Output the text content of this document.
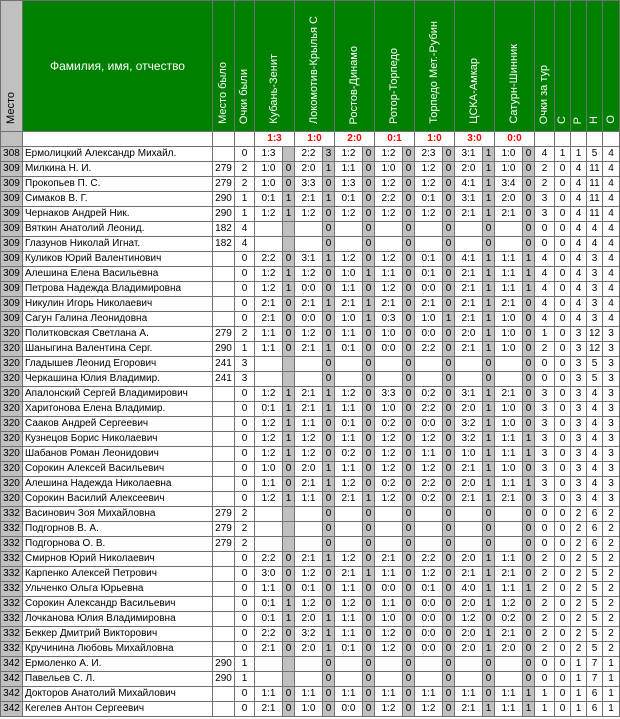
Место	Фамилия, имя, отчество	Место было	Очки были	Кубань-Зенит		Локомотив-Крылья С		Ростов-Динамо		Ротор-Торпедо		Торпедо Мет.-Рубин		ЦСКА-Амкар		Сатурн-Шинник		Очки за тур	С	Р	Н	О
				1:3		1:0		2:0		0:1		1:0		3:0		0:0						
308	Ермолицкий Александр Михайл.		0	1:3		2:2	3	1:2	0	1:2	0	2:3	0	3:1	1	1:0	0	4	1	1	5	4
309	Милкина Н. И.	279	2	1:0	0	2:0	1	1:1	0	1:0	0	1:2	0	2:0	1	1:0	0	2	0	4	11	4
309	Прокопьев П. С.	279	2	1:0	0	3:3	0	1:3	0	1:2	0	1:2	0	4:1	1	3:4	0	2	0	4	11	4
309	Симаков В. Г.	290	1	0:1	1	2:1	1	0:1	0	2:2	0	0:1	0	3:1	1	2:0	0	3	0	4	11	4
309	Чернаков Андрей Ник.	290	1	1:2	1	1:2	0	1:2	0	1:2	0	1:2	0	2:1	1	2:1	0	3	0	4	11	4
309	Вяткин Анатолий Леонид.	182	4				0		0		0		0		0		0	0	0	4	4	4
309	Глазунов Николай Игнат.	182	4				0		0		0		0		0		0	0	0	4	4	4
309	Куликов Юрий Валентинович		0	2:2	0	3:1	1	1:2	0	1:2	0	0:1	0	4:1	1	1:1	1	4	0	4	3	4
309	Алешина Елена Васильевна		0	1:2	1	1:2	0	1:0	1	1:1	0	0:1	0	2:1	1	1:1	1	4	0	4	3	4
309	Петрова Надежда Владимировна		0	1:2	1	0:0	0	1:1	0	1:2	0	0:0	0	2:1	1	1:1	1	4	0	4	3	4
309	Никулин Игорь Николаевич		0	2:1	0	2:1	1	2:1	1	2:1	0	2:1	0	2:1	1	2:1	0	4	0	4	3	4
309	Сагун Галина Леонидовна		0	2:1	0	0:0	0	1:0	1	0:3	0	1:0	1	2:1	1	1:0	0	4	0	4	3	4
320	Политковская Светлана А.	279	2	1:1	0	1:2	0	1:1	0	1:0	0	0:0	0	2:0	1	1:0	0	1	0	3	12	3
320	Шаныгина Валентина Серг.	290	1	1:1	0	2:1	1	0:1	0	0:0	0	2:2	0	2:1	1	1:0	0	2	0	3	12	3
320	Гладышев Леонид Егорович	241	3				0		0		0		0		0		0	0	0	3	5	3
320	Черкашина Юлия Владимир.	241	3				0		0		0		0		0		0	0	0	3	5	3
320	Апалонский Сергей Владимирович		0	1:2	1	2:1	1	1:2	0	3:3	0	0:2	0	3:1	1	2:1	0	3	0	3	4	3
320	Харитонова Елена Владимир.		0	0:1	1	2:1	1	1:1	0	1:0	0	2:2	0	2:0	1	1:0	0	3	0	3	4	3
320	Сааков Андрей Сергеевич		0	1:2	1	1:1	0	0:1	0	0:2	0	0:0	0	3:2	1	1:0	0	3	0	3	4	3
320	Кузнецов Борис Николаевич		0	1:2	1	1:2	0	1:1	0	1:2	0	1:2	0	3:2	1	1:1	1	3	0	3	4	3
320	Шабанов Роман Леонидович		0	1:2	1	1:2	0	0:2	0	1:2	0	1:1	0	1:0	1	1:1	1	3	0	3	4	3
320	Сорокин Алексей Васильевич		0	1:0	0	2:0	1	1:1	0	1:2	0	1:2	0	2:1	1	1:0	0	3	0	3	4	3
320	Алешина Надежда Николаевна		0	1:1	0	2:1	1	1:2	0	0:2	0	2:2	0	2:0	1	1:1	1	3	0	3	4	3
320	Сорокин Василий Алексеевич		0	1:2	1	1:1	0	2:1	1	1:2	0	0:2	0	2:1	1	2:1	0	3	0	3	4	3
332	Васинович Зоя Михайловна	279	2				0		0		0		0		0		0	0	0	2	6	2
332	Подгорнов В. А.	279	2				0		0		0		0		0		0	0	0	2	6	2
332	Подгорнова О. В.	279	2				0		0		0		0		0		0	0	0	2	6	2
332	Смирнов Юрий Николаевич		0	2:2	0	2:1	1	1:2	0	2:1	0	2:2	0	2:0	1	1:1	0	2	0	2	5	2
332	Карпенко Алексей Петрович		0	3:0	0	1:2	0	2:1	1	1:1	0	1:2	0	2:1	1	2:1	0	2	0	2	5	2
332	Ульченко Ольга Юрьевна		0	1:1	0	0:1	0	1:1	0	0:0	0	0:1	0	4:0	1	1:1	1	2	0	2	5	2
332	Сорокин Александр Васильевич		0	0:1	1	1:2	0	1:2	0	1:1	0	0:0	0	2:0	1	1:2	0	2	0	2	5	2
332	Лочканова Юлия Владимировна		0	0:1	1	2:0	1	1:1	0	1:0	0	0:0	0	1:2	0	0:2	0	2	0	2	5	2
332	Беккер Дмитрий Викторович		0	2:2	0	3:2	1	1:1	0	1:2	0	0:0	0	2:0	1	2:1	0	2	0	2	5	2
332	Кручинина Любовь Михайловна		0	2:1	0	2:0	1	0:1	0	1:2	0	0:0	0	2:0	1	2:0	0	2	0	2	5	2
342	Ермоленко А. И.	290	1				0		0		0		0		0		0	0	0	1	7	1
342	Павельев С. Л.	290	1				0		0		0		0		0		0	0	0	1	7	1
342	Докторов Анатолий Михайлович		0	1:1	0	1:1	0	1:1	0	1:1	0	1:1	0	1:1	0	1:1	1	1	0	1	6	1
342	Кегелев Антон Сергеевич		0	2:1	0	1:0	0	0:0	0	1:2	0	1:2	0	2:1	1	1:1	1	1	0	1	6	1
